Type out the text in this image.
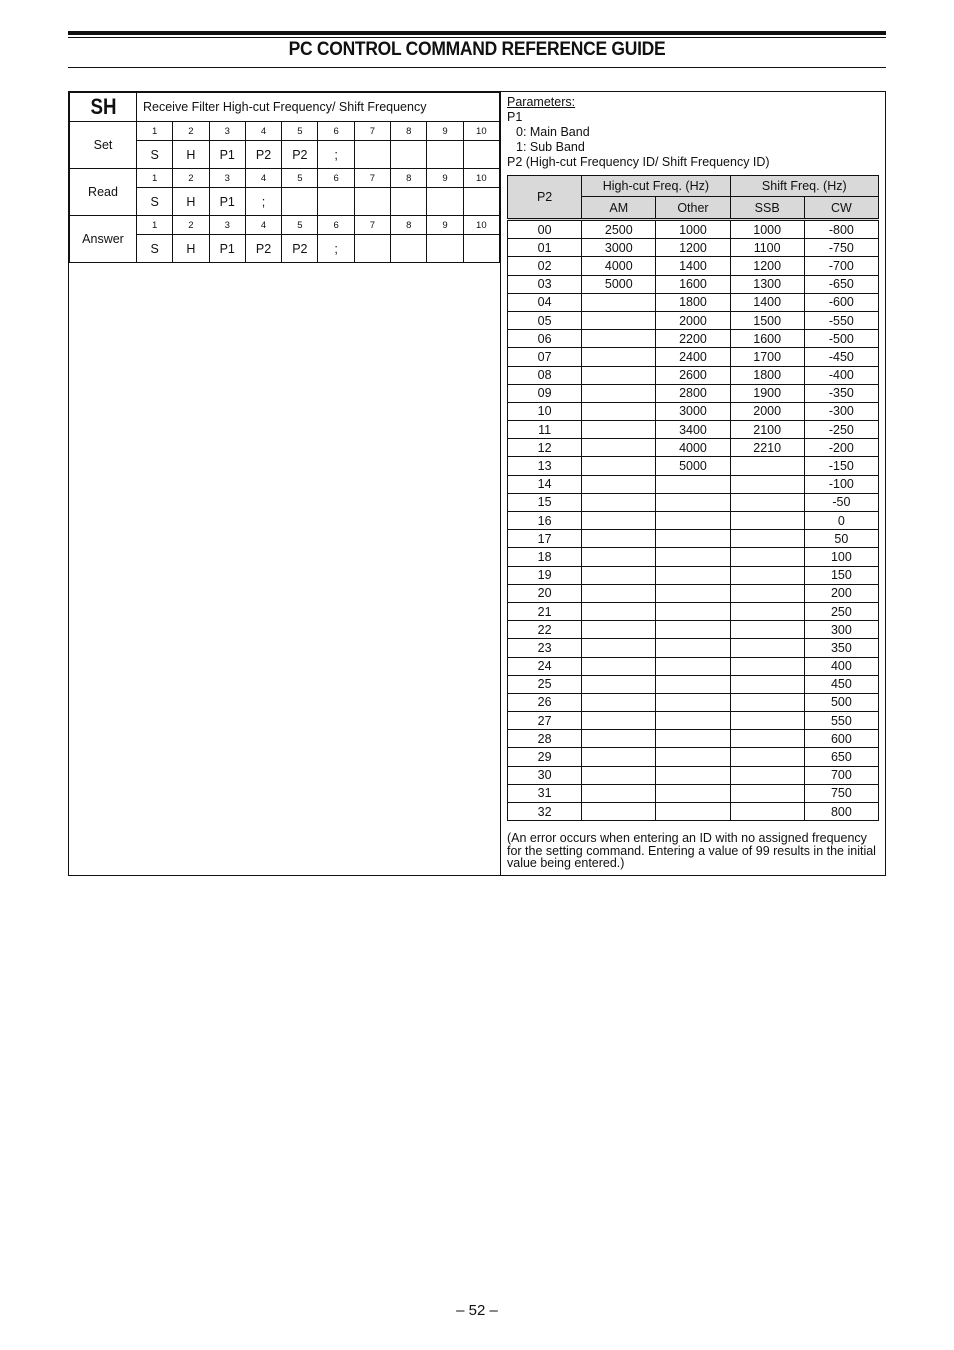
PC CONTROL COMMAND REFERENCE GUIDE
SH	Receive Filter High-cut Frequency/ Shift Frequency									
Set	1	2	3	4	5	6	7	8	9	10
	S	H	P1	P2	P2	;				
Read	1	2	3	4	5	6	7	8	9	10
	S	H	P1	;						
Answer	1	2	3	4	5	6	7	8	9	10
	S	H	P1	P2	P2	;				
Parameters:
P1
0: Main Band
1: Sub Band
P2 (High-cut Frequency ID/ Shift Frequency ID)
P2	High-cut Freq. (Hz)		Shift Freq. (Hz)	
	AM	Other	SSB	CW
00	2500	1000	1000	-800
01	3000	1200	1100	-750
02	4000	1400	1200	-700
03	5000	1600	1300	-650
04		1800	1400	-600
05		2000	1500	-550
06		2200	1600	-500
07		2400	1700	-450
08		2600	1800	-400
09		2800	1900	-350
10		3000	2000	-300
11		3400	2100	-250
12		4000	2210	-200
13		5000		-150
14				-100
15				-50
16				0
17				50
18				100
19				150
20				200
21				250
22				300
23				350
24				400
25				450
26				500
27				550
28				600
29				650
30				700
31				750
32				800
(An error occurs when entering an ID with no assigned frequency for the setting command. Entering a value of 99 results in the initial value being entered.)
– 52 –
